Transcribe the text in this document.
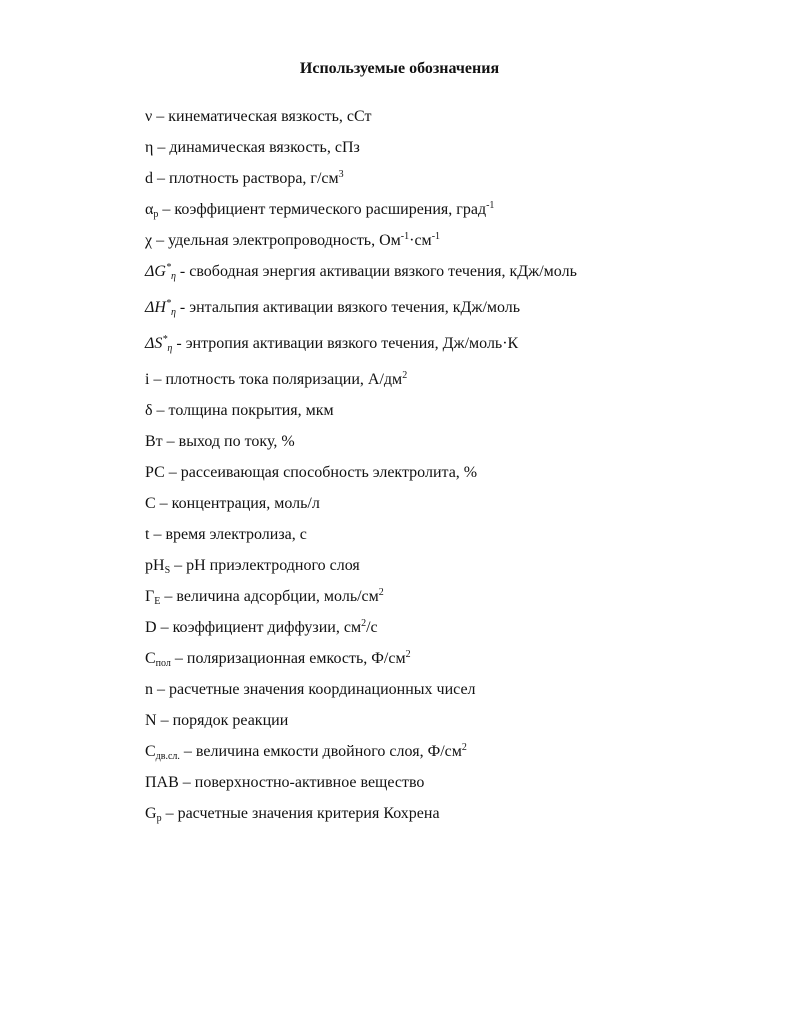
Используемые обозначения
ν – кинематическая вязкость, сСт
η – динамическая вязкость, сПз
d – плотность раствора, $г/см^3$
$\alpha_р$ – коэффициент термического расширения, град$^{-1}$
χ – удельная электропроводность, $Ом^{-1}\cdot см^{-1}$
$\Delta G^*_\eta$ - свободная энергия активации вязкого течения, кДж/моль
$\Delta H^*_\eta$ - энтальпия активации вязкого течения, кДж/моль
$\Delta S^*_\eta$ - энтропия активации вязкого течения, Дж/моль·К
i – плотность тока поляризации, $А/дм^2$
δ – толщина покрытия, мкм
Вт – выход по току, %
РС – рассеивающая способность электролита, %
С – концентрация, моль/л
t – время электролиза, с
$pH_S$ – pH приэлектродного слоя
$Г_Е$ – величина адсорбции, моль/$см^2$
D – коэффициент диффузии, $см^2/с$
$С_{пол}$ – поляризационная емкость, $Ф/см^2$
n – расчетные значения координационных чисел
N – порядок реакции
$С_{дв.сл.}$ – величина емкости двойного слоя, $Ф/см^2$
ПАВ – поверхностно-активное вещество
$G_р$ – расчетные значения критерия Кохрена
